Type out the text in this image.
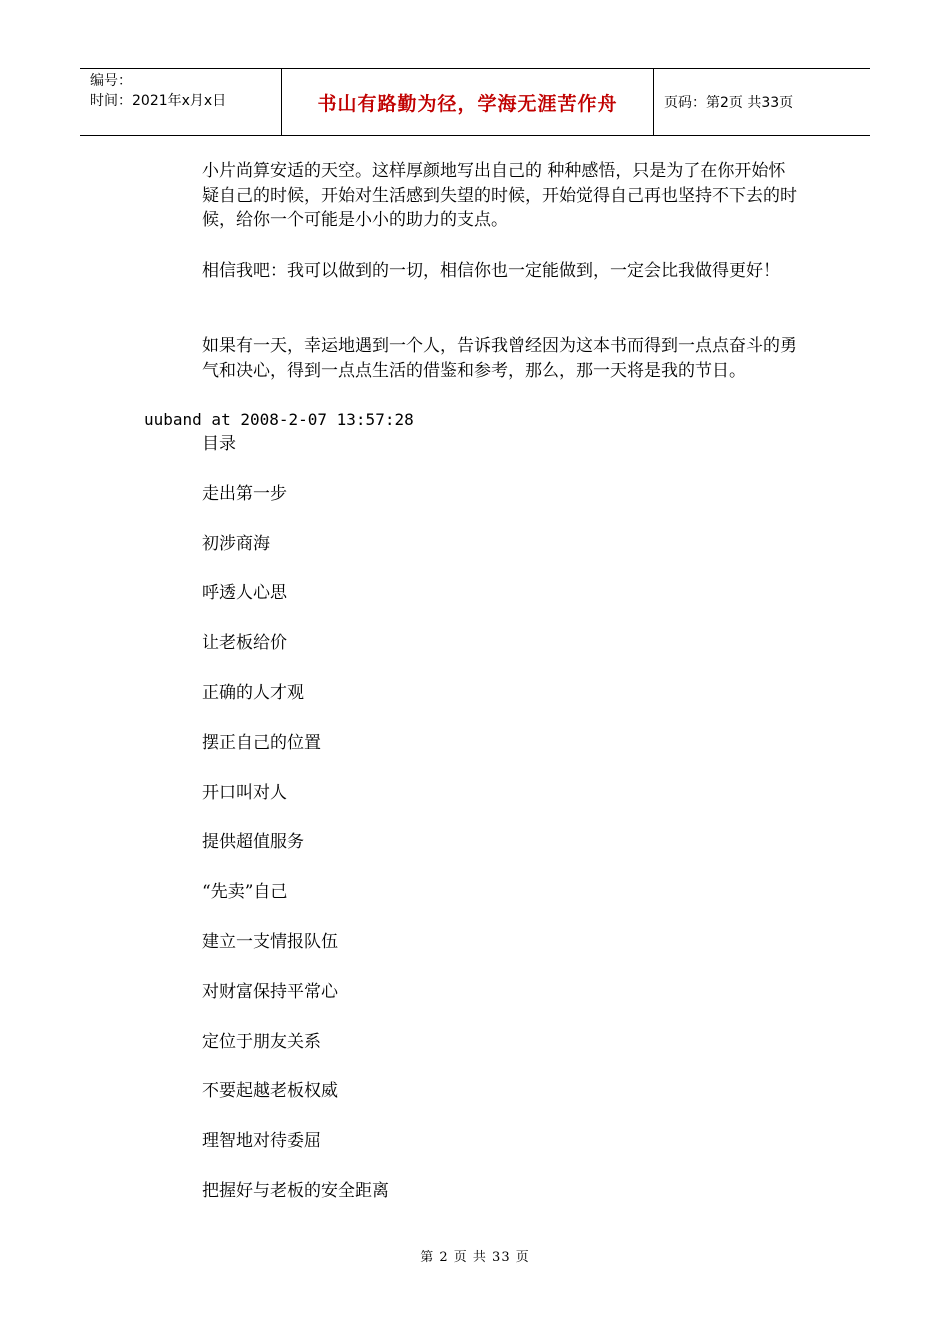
编号：
时间：2021年x月x日	书山有路勤为径，学海无涯苦作舟	页码：第2页 共33页

小片尚算安适的天空。这样厚颜地写出自己的 种种感悟，只是为了在你开始怀疑自己的时候，开始对生活感到失望的时候，开始觉得自己再也坚持不下去的时候，给你一个可能是小小的助力的支点。

相信我吧：我可以做到的一切，相信你也一定能做到，一定会比我做得更好！

如果有一天，幸运地遇到一个人，告诉我曾经因为这本书而得到一点点奋斗的勇气和决心，得到一点点生活的借鉴和参考，那么，那一天将是我的节日。

uuband at 2008-2-07 13:57:28
目录
走出第一步
初涉商海
呼透人心思
让老板给价
正确的人才观
摆正自己的位置
开口叫对人
提供超值服务
“先卖”自己
建立一支情报队伍
对财富保持平常心
定位于朋友关系
不要起越老板权威
理智地对待委屈
把握好与老板的安全距离
第 2 页 共 33 页
